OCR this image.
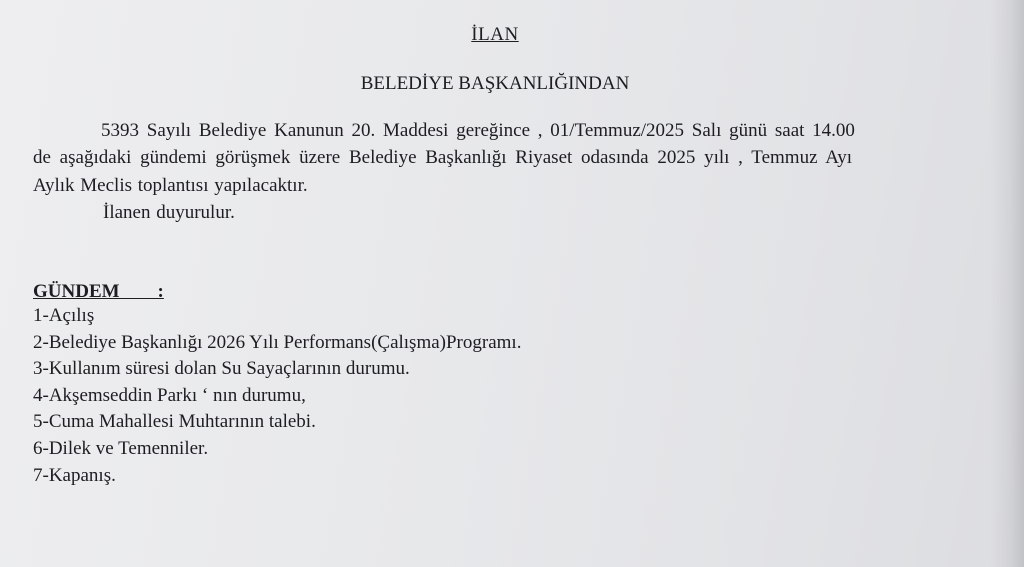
İLAN
BELEDİYE BAŞKANLIĞINDAN
5393 Sayılı Belediye Kanunun 20. Maddesi gereğince , 01/Temmuz/2025 Salı günü saat 14.00
de aşağıdaki gündemi görüşmek üzere Belediye Başkanlığı Riyaset odasında 2025 yılı , Temmuz Ayı
Aylık Meclis toplantısı yapılacaktır.
İlanen duyurulur.
GÜNDEM        :
1-Açılış
2-Belediye Başkanlığı 2026 Yılı Performans(Çalışma)Programı.
3-Kullanım süresi dolan Su Sayaçlarının durumu.
4-Akşemseddin Parkı ‘ nın durumu,
5-Cuma Mahallesi Muhtarının talebi.
6-Dilek ve Temenniler.
7-Kapanış.
